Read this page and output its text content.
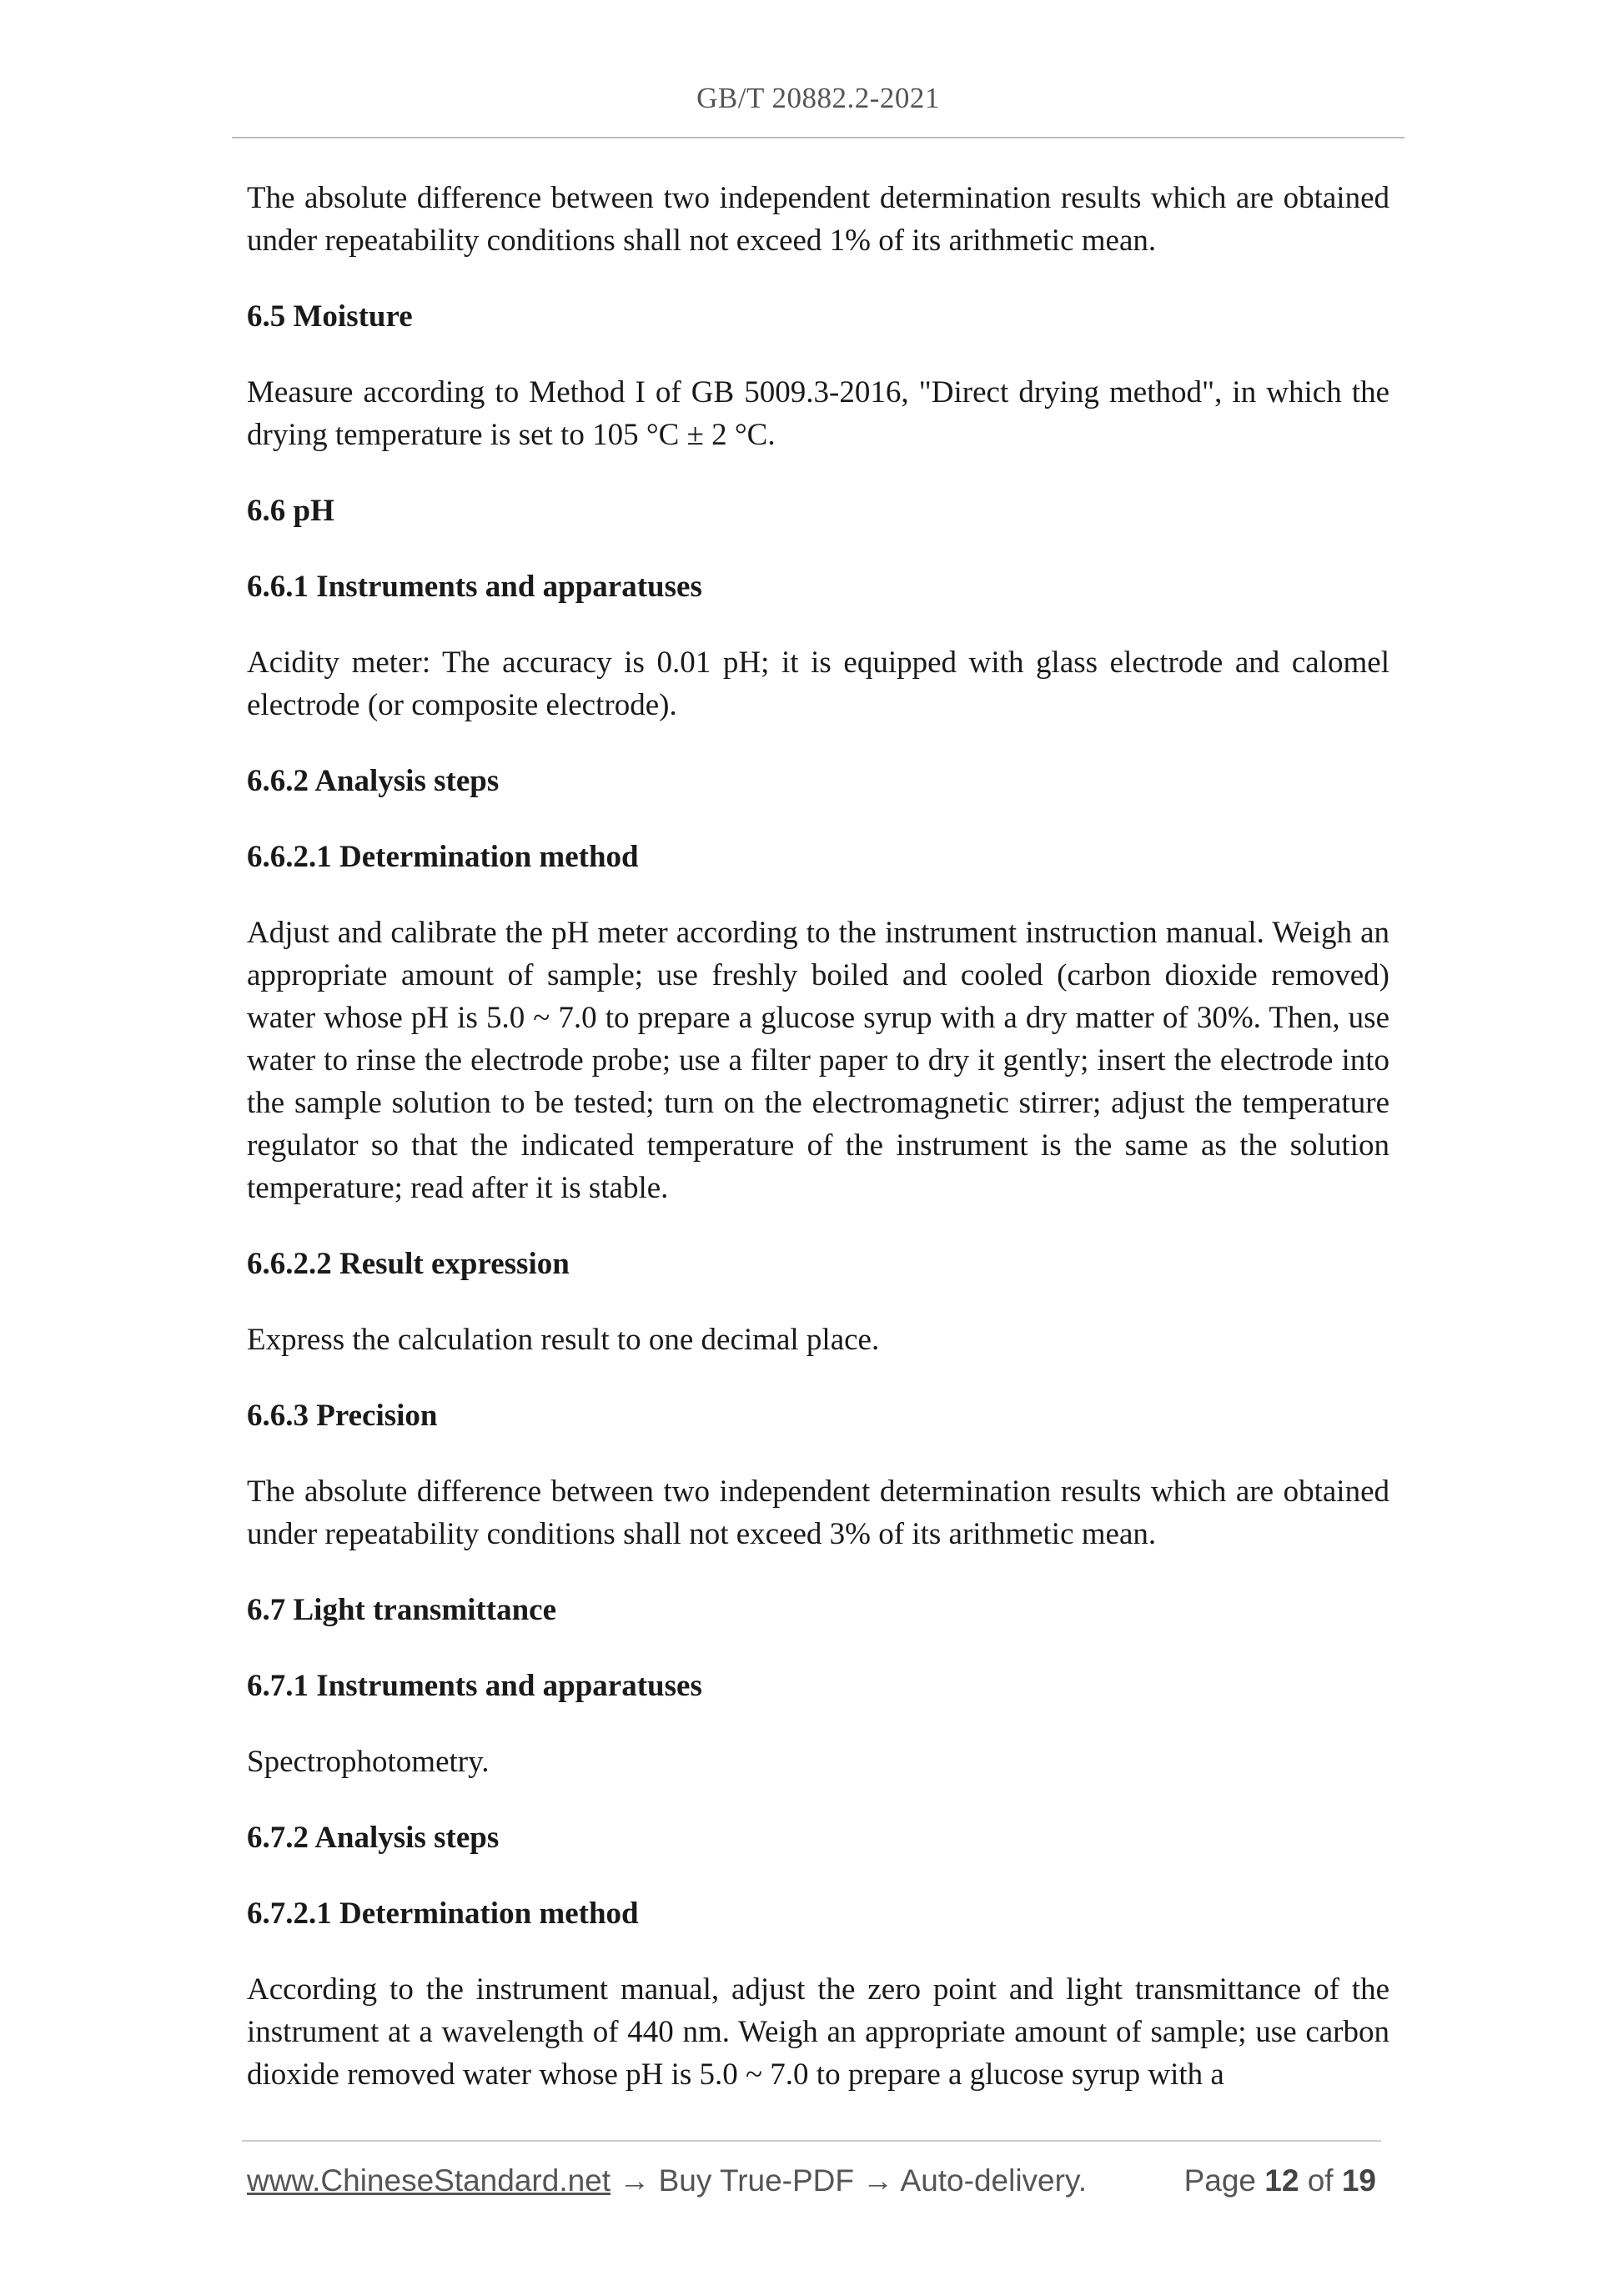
GB/T 20882.2-2021

The absolute difference between two independent determination results which are obtained under repeatability conditions shall not exceed 1% of its arithmetic mean.

6.5 Moisture

Measure according to Method I of GB 5009.3-2016, "Direct drying method", in which the drying temperature is set to 105 °C ± 2 °C.

6.6 pH
6.6.1 Instruments and apparatuses

Acidity meter: The accuracy is 0.01 pH; it is equipped with glass electrode and calomel electrode (or composite electrode).

6.6.2 Analysis steps
6.6.2.1 Determination method

Adjust and calibrate the pH meter according to the instrument instruction manual. Weigh an appropriate amount of sample; use freshly boiled and cooled (carbon dioxide removed) water whose pH is 5.0 ~ 7.0 to prepare a glucose syrup with a dry matter of 30%. Then, use water to rinse the electrode probe; use a filter paper to dry it gently; insert the electrode into the sample solution to be tested; turn on the electromagnetic stirrer; adjust the temperature regulator so that the indicated temperature of the instrument is the same as the solution temperature; read after it is stable.

6.6.2.2 Result expression

Express the calculation result to one decimal place.

6.6.3 Precision

The absolute difference between two independent determination results which are obtained under repeatability conditions shall not exceed 3% of its arithmetic mean.

6.7 Light transmittance
6.7.1 Instruments and apparatuses

Spectrophotometry.

6.7.2 Analysis steps
6.7.2.1 Determination method

According to the instrument manual, adjust the zero point and light transmittance of the instrument at a wavelength of 440 nm. Weigh an appropriate amount of sample; use carbon dioxide removed water whose pH is 5.0 ~ 7.0 to prepare a glucose syrup with a

www.ChineseStandard.net → Buy True-PDF → Auto-delivery.	Page 12 of 19
